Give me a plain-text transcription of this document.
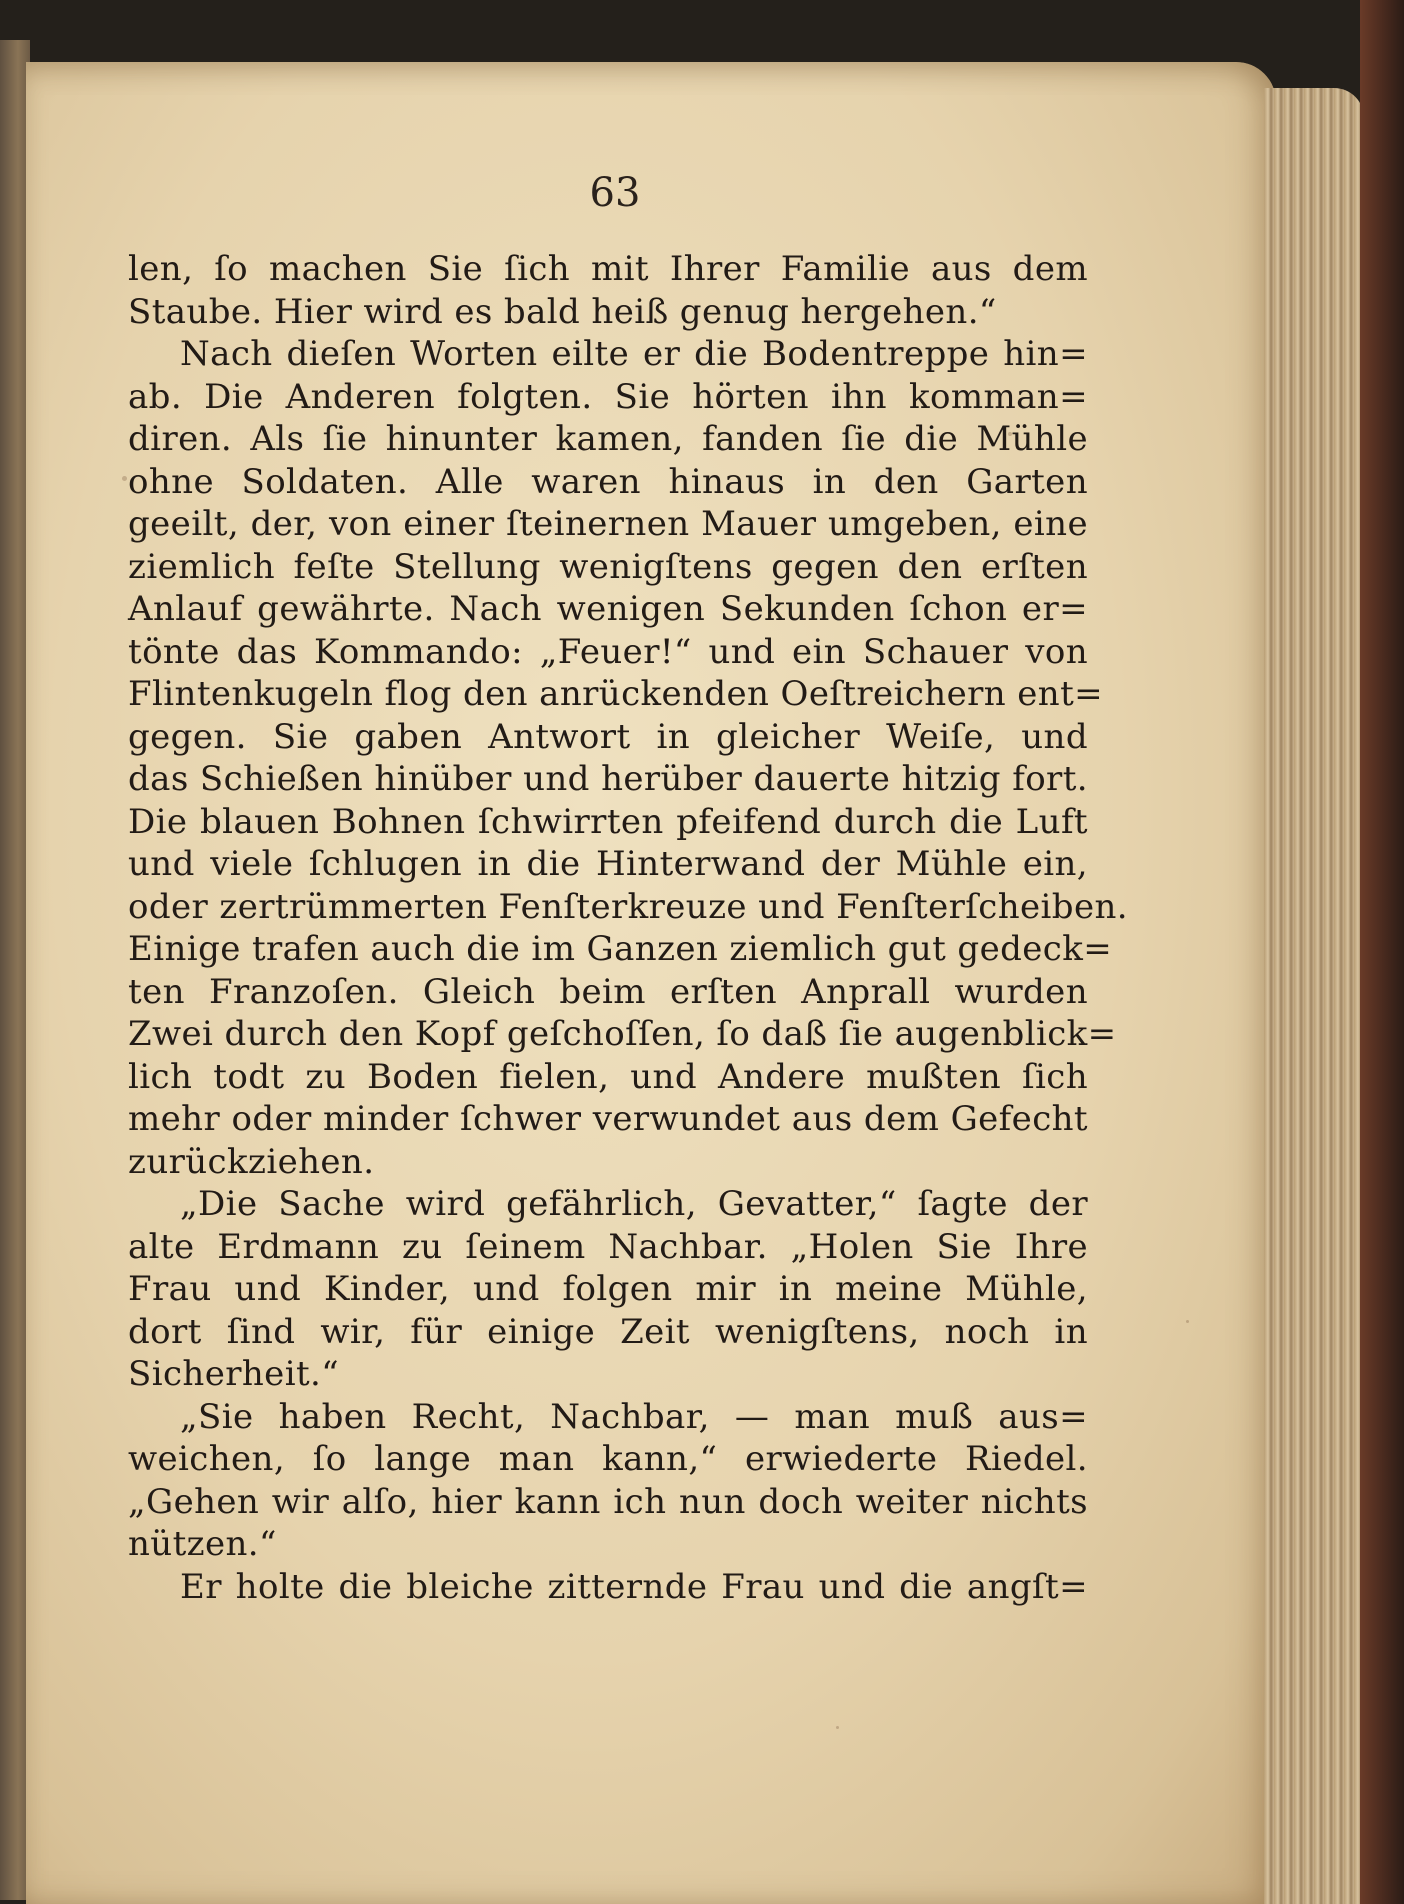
63
len, ſo machen Sie ſich mit Ihrer Familie aus dem
Staube. Hier wird es bald heiß genug hergehen.“
Nach dieſen Worten eilte er die Bodentreppe hin=
ab. Die Anderen folgten. Sie hörten ihn komman=
diren. Als ſie hinunter kamen, fanden ſie die Mühle
ohne Soldaten. Alle waren hinaus in den Garten
geeilt, der, von einer ſteinernen Mauer umgeben, eine
ziemlich feſte Stellung wenigſtens gegen den erſten
Anlauf gewährte. Nach wenigen Sekunden ſchon er=
tönte das Kommando: „Feuer!“ und ein Schauer von
Flintenkugeln flog den anrückenden Oeſtreichern ent=
gegen. Sie gaben Antwort in gleicher Weiſe, und
das Schießen hinüber und herüber dauerte hitzig fort.
Die blauen Bohnen ſchwirrten pfeifend durch die Luft
und viele ſchlugen in die Hinterwand der Mühle ein,
oder zertrümmerten Fenſterkreuze und Fenſterſcheiben.
Einige trafen auch die im Ganzen ziemlich gut gedeck=
ten Franzoſen. Gleich beim erſten Anprall wurden
Zwei durch den Kopf geſchoſſen, ſo daß ſie augenblick=
lich todt zu Boden fielen, und Andere mußten ſich
mehr oder minder ſchwer verwundet aus dem Gefecht
zurückziehen.
„Die Sache wird gefährlich, Gevatter,“ ſagte der
alte Erdmann zu ſeinem Nachbar. „Holen Sie Ihre
Frau und Kinder, und folgen mir in meine Mühle,
dort ſind wir, für einige Zeit wenigſtens, noch in
Sicherheit.“
„Sie haben Recht, Nachbar, — man muß aus=
weichen, ſo lange man kann,“ erwiederte Riedel.
„Gehen wir alſo, hier kann ich nun doch weiter nichts
nützen.“
Er holte die bleiche zitternde Frau und die angſt=
